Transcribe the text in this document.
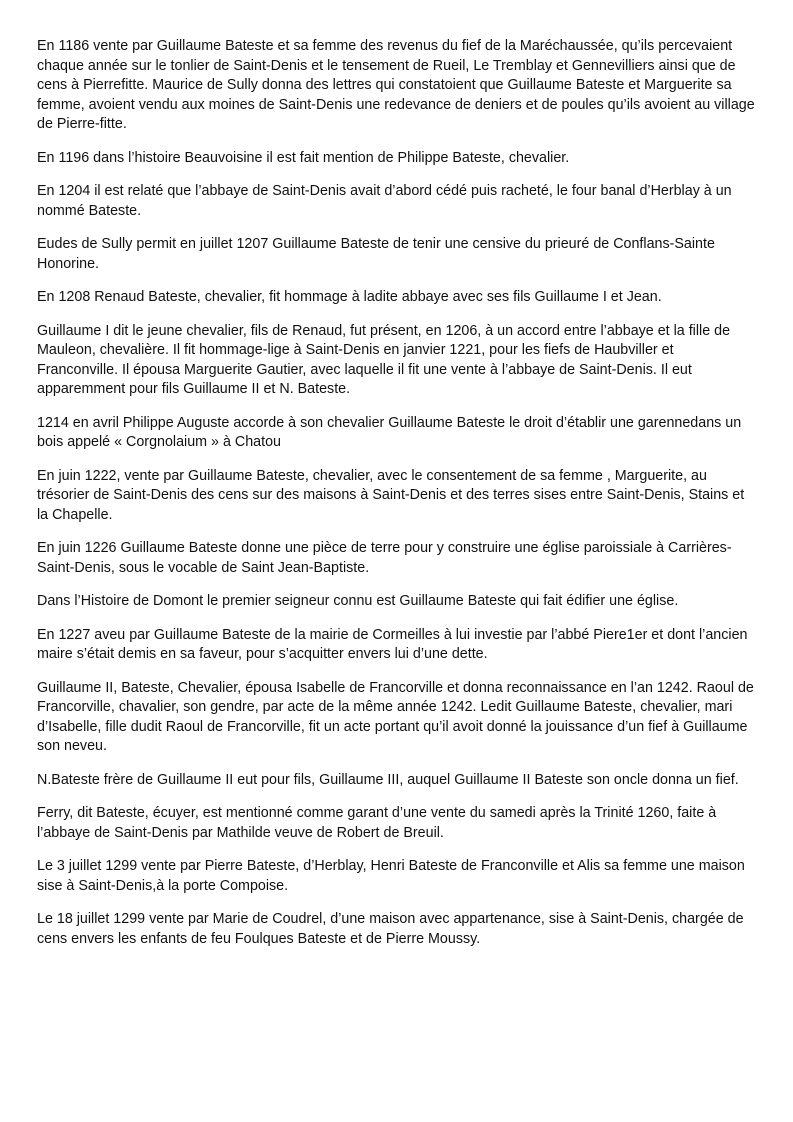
En 1186 vente par Guillaume Bateste et sa femme des revenus du fief de la Maréchaussée, qu’ils percevaient chaque année sur le tonlier de Saint-Denis et le tensement de Rueil, Le Tremblay et Gennevilliers ainsi que de cens à Pierrefitte. Maurice de Sully donna des lettres qui constatoient que Guillaume Bateste et Marguerite sa femme, avoient vendu aux moines de Saint-Denis une redevance de deniers et de poules qu’ils avoient au village de Pierre-fitte.

En 1196 dans l’histoire Beauvoisine il est fait mention de Philippe Bateste, chevalier.

En 1204 il est relaté que l’abbaye de Saint-Denis avait d’abord cédé puis racheté, le four banal d’Herblay à un nommé Bateste.

Eudes de Sully permit en juillet 1207 Guillaume Bateste de tenir une censive du prieuré de Conflans-Sainte Honorine.

En 1208 Renaud Bateste, chevalier, fit hommage à ladite abbaye avec ses fils Guillaume I et Jean.

Guillaume I dit le jeune chevalier, fils de Renaud, fut présent, en 1206, à un accord entre l’abbaye et la fille de Mauleon, chevalière. Il fit hommage-lige à Saint-Denis en janvier 1221, pour les fiefs de Haubviller et Franconville. Il épousa Marguerite Gautier, avec laquelle il fit une vente à l’abbaye de Saint-Denis. Il eut apparemment pour fils Guillaume II et N. Bateste.

1214 en avril Philippe Auguste accorde à son chevalier Guillaume Bateste le droit d’établir une garennedans un bois appelé « Corgnolaium » à Chatou

En juin 1222, vente par Guillaume Bateste, chevalier, avec le consentement de sa femme , Marguerite, au trésorier de Saint-Denis des cens sur des maisons à Saint-Denis et des terres sises entre Saint-Denis, Stains et la Chapelle.

En juin 1226 Guillaume Bateste donne une pièce de terre pour y construire une église paroissiale à Carrières-Saint-Denis, sous le vocable de Saint Jean-Baptiste.

Dans l’Histoire de Domont le premier seigneur connu est Guillaume Bateste qui fait édifier une église.

En 1227 aveu par Guillaume Bateste de la mairie de Cormeilles à lui investie par l’abbé Piere1er et dont l’ancien maire s’était demis en sa faveur, pour s’acquitter envers lui d’une dette.

Guillaume II, Bateste, Chevalier, épousa Isabelle de Francorville et donna reconnaissance en l’an 1242. Raoul de Francorville, chavalier, son gendre, par acte de la même année 1242. Ledit Guillaume Bateste, chevalier, mari d’Isabelle, fille dudit Raoul de Francorville, fit un acte portant qu’il avoit donné la jouissance d’un fief à Guillaume son neveu.

N.Bateste frère de Guillaume II eut pour fils, Guillaume III, auquel Guillaume II Bateste son oncle donna un fief.

Ferry, dit Bateste, écuyer, est mentionné comme garant d’une vente du samedi après la Trinité 1260, faite à l’abbaye de Saint-Denis par Mathilde veuve de Robert de Breuil.

Le 3 juillet 1299 vente par Pierre Bateste, d’Herblay, Henri Bateste de Franconville et Alis sa femme une maison sise à Saint-Denis,à la porte Compoise.

Le 18 juillet 1299 vente par Marie de Coudrel, d’une maison avec appartenance, sise à Saint-Denis, chargée de cens envers les enfants de feu Foulques Bateste et de Pierre Moussy.
